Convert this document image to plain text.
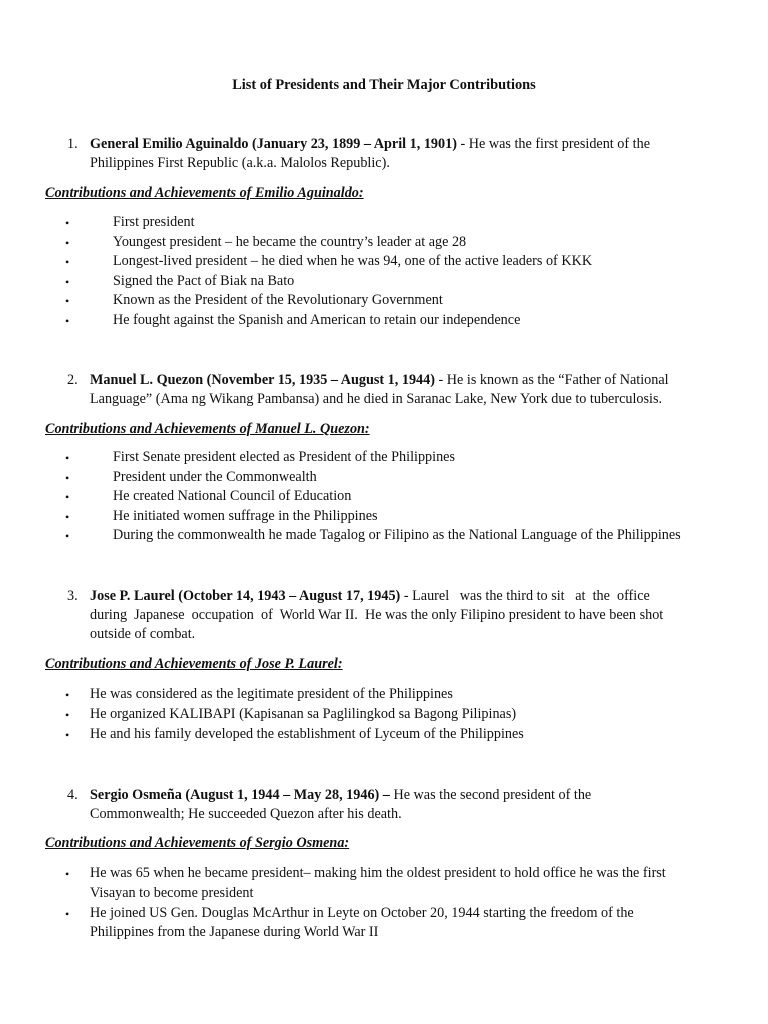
List of Presidents and Their Major Contributions
1. General Emilio Aguinaldo (January 23, 1899 – April 1, 1901) - He was the first president of the
Philippines First Republic (a.k.a. Malolos Republic).
Contributions and Achievements of Emilio Aguinaldo:
•	First president
•	Youngest president – he became the country’s leader at age 28
•	Longest-lived president – he died when he was 94, one of the active leaders of KKK
•	Signed the Pact of Biak na Bato
•	Known as the President of the Revolutionary Government
•	He fought against the Spanish and American to retain our independence
2. Manuel L. Quezon (November 15, 1935 – August 1, 1944) - He is known as the “Father of National
Language” (Ama ng Wikang Pambansa) and he died in Saranac Lake, New York due to tuberculosis.
Contributions and Achievements of Manuel L. Quezon:
•	First Senate president elected as President of the Philippines
•	President under the Commonwealth
•	He created National Council of Education
•	He initiated women suffrage in the Philippines
•	During the commonwealth he made Tagalog or Filipino as the National Language of the Philippines
3. Jose P. Laurel (October 14, 1943 – August 17, 1945) - Laurel   was the third to sit   at  the  office
during  Japanese  occupation  of  World War II.  He was the only Filipino president to have been shot
outside of combat.
Contributions and Achievements of Jose P. Laurel:
• He was considered as the legitimate president of the Philippines
• He organized KALIBAPI (Kapisanan sa Paglilingkod sa Bagong Pilipinas)
• He and his family developed the establishment of Lyceum of the Philippines
4. Sergio Osmeña (August 1, 1944 – May 28, 1946) – He was the second president of the
Commonwealth; He succeeded Quezon after his death.
Contributions and Achievements of Sergio Osmena:
• He was 65 when he became president– making him the oldest president to hold office he was the first
Visayan to become president
• He joined US Gen. Douglas McArthur in Leyte on October 20, 1944 starting the freedom of the
Philippines from the Japanese during World War II
